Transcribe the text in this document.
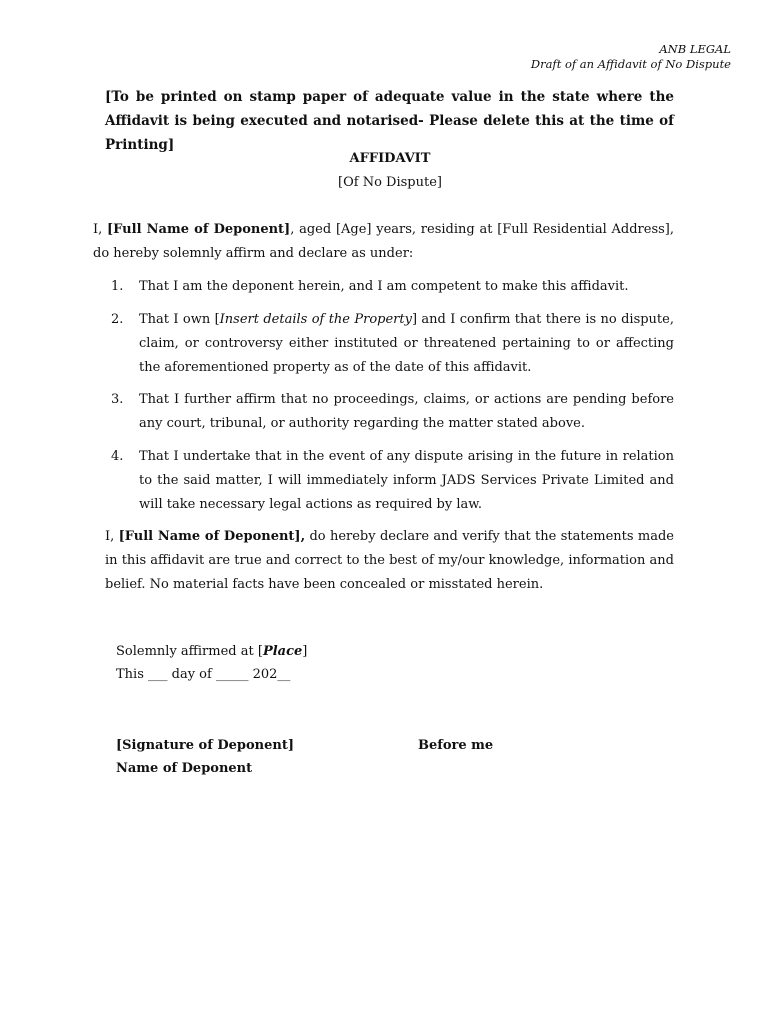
ANB LEGAL
Draft of an Affidavit of No Dispute
[To be printed on stamp paper of adequate value in the state where the Affidavit is being executed and notarised- Please delete this at the time of Printing]
AFFIDAVIT
[Of No Dispute]
I, [Full Name of Deponent], aged [Age] years, residing at [Full Residential Address], do hereby solemnly affirm and declare as under:
1. That I am the deponent herein, and I am competent to make this affidavit.
2. That I own [Insert details of the Property] and I confirm that there is no dispute, claim, or controversy either instituted or threatened pertaining to or affecting the aforementioned property as of the date of this affidavit.
3. That I further affirm that no proceedings, claims, or actions are pending before any court, tribunal, or authority regarding the matter stated above.
4. That I undertake that in the event of any dispute arising in the future in relation to the said matter, I will immediately inform JADS Services Private Limited and will take necessary legal actions as required by law.
I, [Full Name of Deponent], do hereby declare and verify that the statements made in this affidavit are true and correct to the best of my/our knowledge, information and belief. No material facts have been concealed or misstated herein.
Solemnly affirmed at [Place]
This ___ day of _____ 202__
[Signature of Deponent]
Name of Deponent
Before me
